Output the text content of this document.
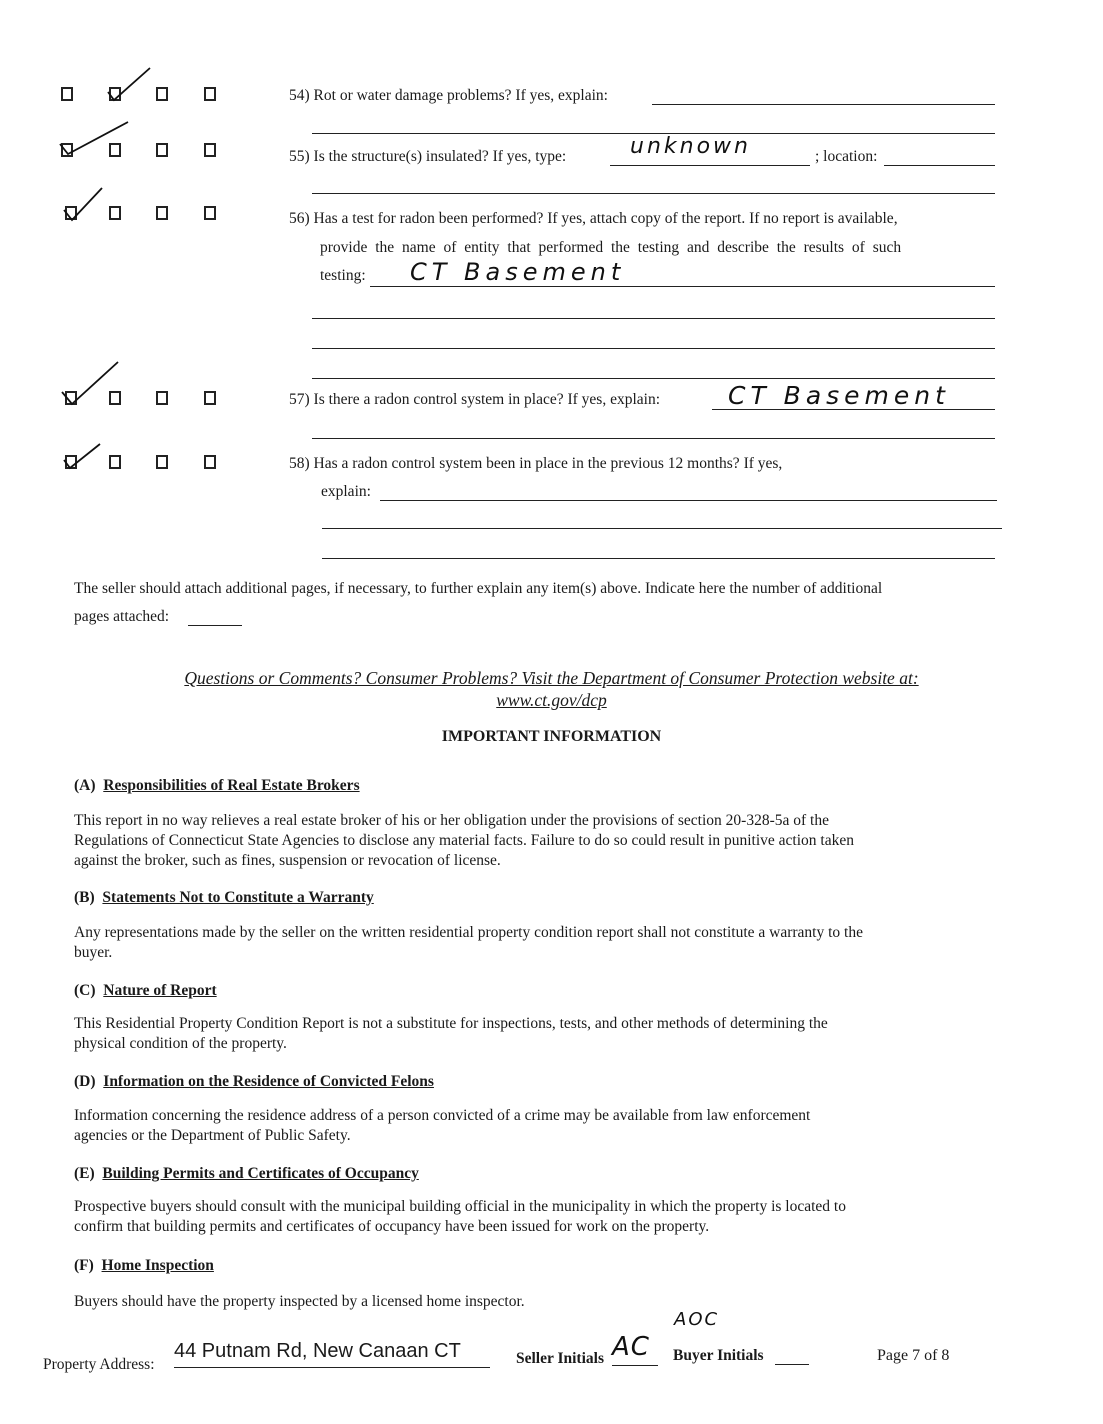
54) Rot or water damage problems? If yes, explain:
55) Is the structure(s) insulated? If yes, type:	unknown	; location:
56) Has a test for radon been performed? If yes, attach copy of the report. If no report is available,
provide the name of entity that performed the testing and describe the results of such
testing: CT Basement
57) Is there a radon control system in place? If yes, explain:	CT Basement
58) Has a radon control system been in place in the previous 12 months? If yes,
explain:
The seller should attach additional pages, if necessary, to further explain any item(s) above. Indicate here the number of additional
pages attached:
Questions or Comments? Consumer Problems? Visit the Department of Consumer Protection website at:
www.ct.gov/dcp
IMPORTANT INFORMATION
(A) Responsibilities of Real Estate Brokers
This report in no way relieves a real estate broker of his or her obligation under the provisions of section 20-328-5a of the
Regulations of Connecticut State Agencies to disclose any material facts. Failure to do so could result in punitive action taken
against the broker, such as fines, suspension or revocation of license.
(B) Statements Not to Constitute a Warranty
Any representations made by the seller on the written residential property condition report shall not constitute a warranty to the
buyer.
(C) Nature of Report
This Residential Property Condition Report is not a substitute for inspections, tests, and other methods of determining the
physical condition of the property.
(D) Information on the Residence of Convicted Felons
Information concerning the residence address of a person convicted of a crime may be available from law enforcement
agencies or the Department of Public Safety.
(E) Building Permits and Certificates of Occupancy
Prospective buyers should consult with the municipal building official in the municipality in which the property is located to
confirm that building permits and certificates of occupancy have been issued for work on the property.
(F) Home Inspection
Buyers should have the property inspected by a licensed home inspector.
AOC
Property Address:
44 Putnam Rd, New Canaan CT	Seller Initials AC Buyer Initials	Page 7 of 8
